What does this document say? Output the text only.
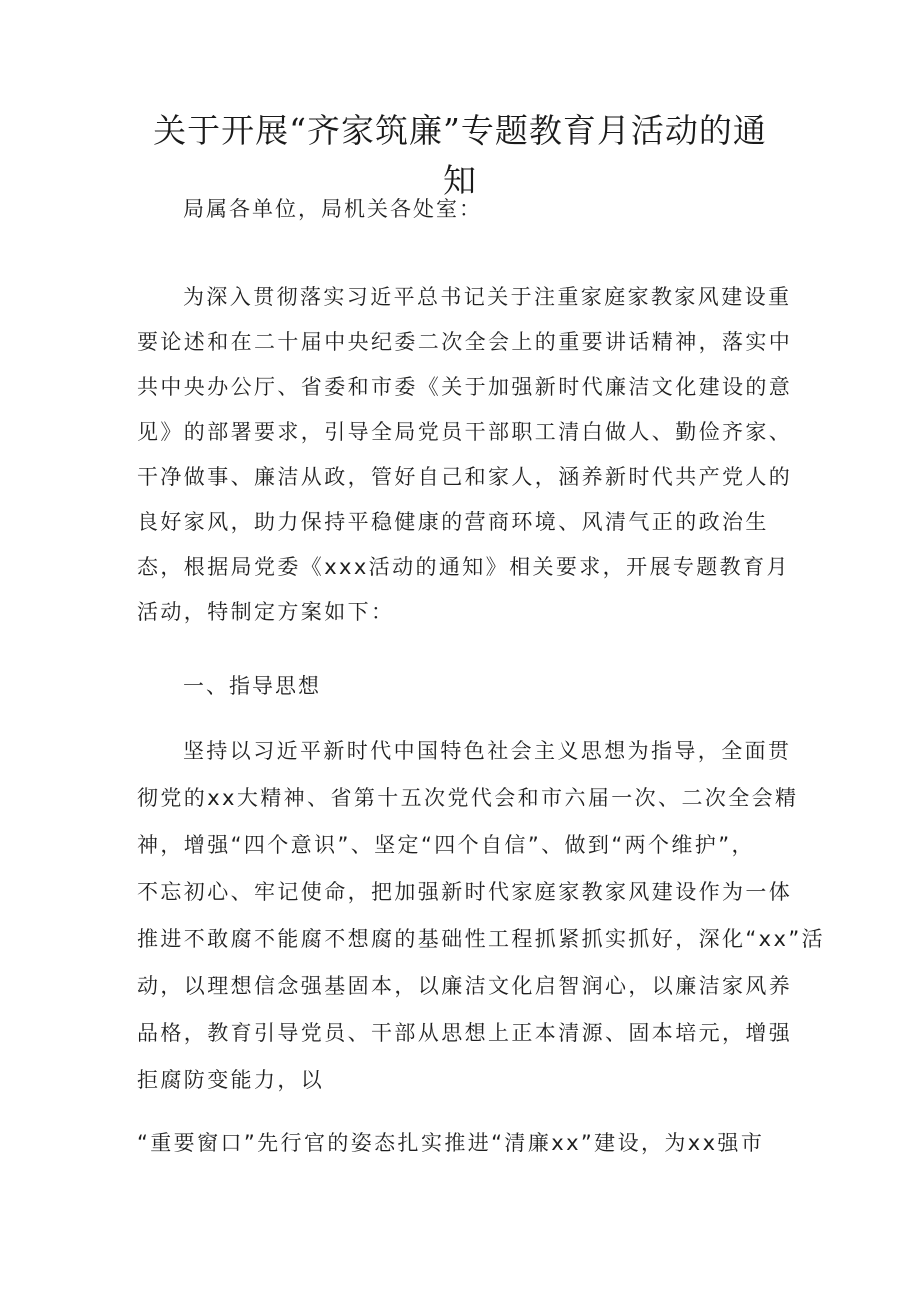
关于开展“齐家筑廉”专题教育月活动的通
知

局属各单位，局机关各处室：

为深入贯彻落实习近平总书记关于注重家庭家教家风建设重

要论述和在二十届中央纪委二次全会上的重要讲话精神，落实中

共中央办公厅、省委和市委《关于加强新时代廉洁文化建设的意

见》的部署要求，引导全局党员干部职工清白做人、勤俭齐家、

干净做事、廉洁从政，管好自己和家人，涵养新时代共产党人的

良好家风，助力保持平稳健康的营商环境、风清气正的政治生

态，根据局党委《xxx活动的通知》相关要求，开展专题教育月

活动，特制定方案如下：

一、指导思想

坚持以习近平新时代中国特色社会主义思想为指导，全面贯

彻党的xx大精神、省第十五次党代会和市六届一次、二次全会精

神，增强“四个意识”、坚定“四个自信”、做到“两个维护”，

不忘初心、牢记使命，把加强新时代家庭家教家风建设作为一体

推进不敢腐不能腐不想腐的基础性工程抓紧抓实抓好，深化“xx”活

动，以理想信念强基固本，以廉洁文化启智润心，以廉洁家风养

品格，教育引导党员、干部从思想上正本清源、固本培元，增强

拒腐防变能力，以

“重要窗口”先行官的姿态扎实推进“清廉xx”建设，为xx强市
